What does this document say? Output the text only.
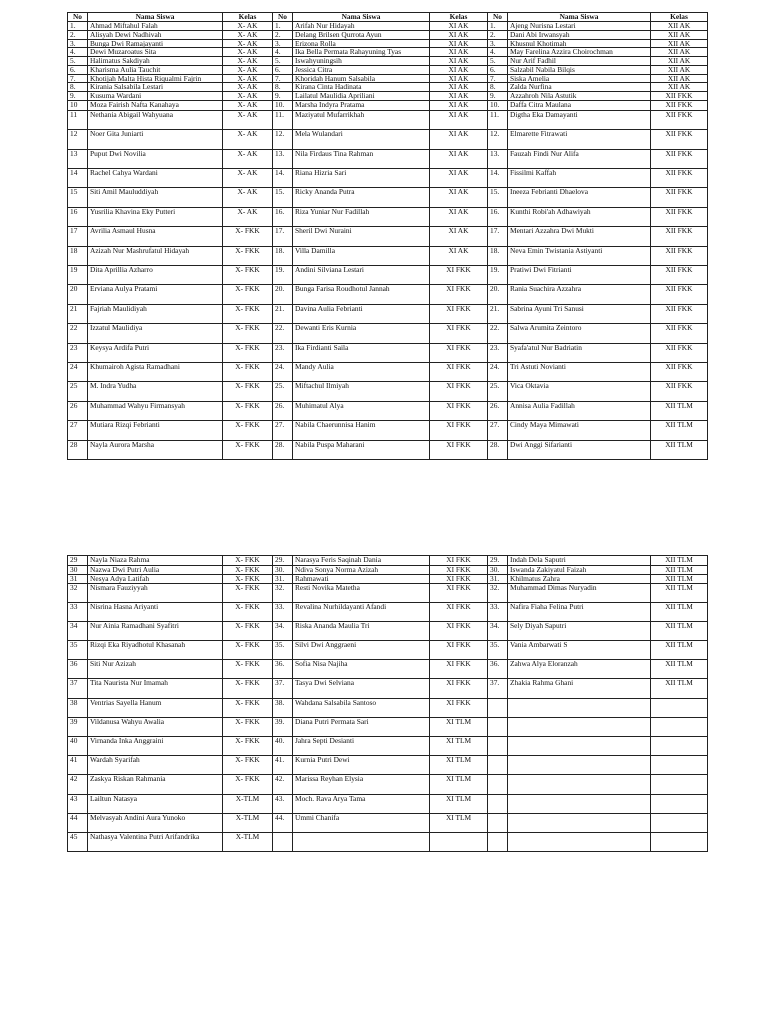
No	Nama Siswa	Kelas	No	Nama Siswa	Kelas	No	Nama Siswa	Kelas
1.	Ahmad Miftahul Falah	X- AK	1.	Arifah Nur Hidayah	XI AK	1.	Ajeng Nurisna Lestari	XII AK
2.	Alisyah Dewi Nadhivah	X- AK	2.	Delang Brilsen Qurrota Ayun	XI AK	2.	Dani Abi Irwansyah	XII AK
3.	Bunga Dwi Ramajayanti	X- AK	3.	Erizona Rolla	XI AK	3.	Khusnul Khotimah	XII AK
4.	Dewi Muzaroatus Sita	X- AK	4.	Ika Bella Permata Rahayuning Tyas	XI AK	4.	May Farelina Azzira Choirochman	XII AK
5.	Halimatus Sakdiyah	X- AK	5.	Iswahyuningsih	XI AK	5.	Nur Arif Fadhil	XII AK
6.	Kharisma Aulia Tauchit	X- AK	6.	Jessica Citra	XI AK	6.	Salzabil Nabila Bilqis	XII AK
7.	Khotijah Malta Hista Riqualmi Fajrin	X- AK	7.	Khoridah Hanum Salsabila	XI AK	7.	Siska Amelia	XII AK
8.	Kirania Salsabila Lestari	X- AK	8.	Kirana Cinta Hadinata	XI AK	8.	Zalda Nurfina	XII AK
9.	Kusuma Wardani	X- AK	9.	Lailatul Maulidia Apriliani	XI AK	9.	Azzahroh Nila Astutik	XII FKK
10	Moza Fairish Nafta Kanahaya	X- AK	10.	Marsha Indyra Pratama	XI AK	10.	Daffa Citra Maulana	XII FKK
11	Nethania Abigail Wahyuana	X- AK	11.	Maziyatul Mufarrikhah	XI AK	11.	Digtha Eka Damayanti	XII FKK
12	Noer Gita Juniarti	X- AK	12.	Mela Wulandari	XI AK	12.	Elmarette Fitrawati	XII FKK
13	Puput Dwi Novilia	X- AK	13.	Nila Firdaus Tina Rahman	XI AK	13.	Fauzah Findi Nur Alifa	XII FKK
14	Rachel Cahya Wardani	X- AK	14.	Riana Hizria Sari	XI AK	14.	Fissilmi Kaffah	XII FKK
15	Siti Amil Mauluddiyah	X- AK	15.	Ricky Ananda Putra	XI AK	15.	Ineeza Febrianti Dhaelova	XII FKK
16	Yusrilia Khavina Eky Putteri	X- AK	16.	Riza Yuniar Nur Fadillah	XI AK	16.	Kunthi Robi'ah Adhawiyah	XII FKK
17	Avrilia Asmaul Husna	X- FKK	17.	Sheril Dwi Nuraini	XI AK	17.	Mentari Azzahra Dwi Mukti	XII FKK
18	Azizah Nur Mashrufatul Hidayah	X- FKK	18.	Villa Damilla	XI AK	18.	Neva Emin Twistania Astiyanti	XII FKK
19	Dita Aprillia Azharro	X- FKK	19.	Andini Silviana Lestari	XI FKK	19.	Pratiwi Dwi Fitrianti	XII FKK
20	Erviana Aulya Pratami	X- FKK	20.	Bunga Farisa Roudhotul Jannah	XI FKK	20.	Rania Suachira Azzahra	XII FKK
21	Fajriah Maulidiyah	X- FKK	21.	Davina Aulia Febrianti	XI FKK	21.	Sabrina Ayuni Tri Sanusi	XII FKK
22	Izzatul Maulidiya	X- FKK	22.	Dewanti Eris Kurnia	XI FKK	22.	Salwa Arumita Zeintoro	XII FKK
23	Keysya Ardifa Putri	X- FKK	23.	Ika Firdianti Saila	XI FKK	23.	Syafa'atul Nur Badriatin	XII FKK
24	Khumairoh Agista Ramadhani	X- FKK	24.	Mandy Aulia	XI FKK	24.	Tri Astuti Novianti	XII FKK
25	M. Indra Yudha	X- FKK	25.	Miftachul Ilmiyah	XI FKK	25.	Vica Oktavia	XII FKK
26	Muhammad Wahyu Firmansyah	X- FKK	26.	Muhimatul Alya	XI FKK	26.	Annisa Aulia Fadillah	XII TLM
27	Mutiara Rizqi Febrianti	X- FKK	27.	Nabila Chaerunnisa Hanim	XI FKK	27.	Cindy Maya Mimawati	XII TLM
28	Nayla Aurora Marsha	X- FKK	28.	Nabila Puspa Maharani	XI FKK	28.	Dwi Anggi Sifarianti	XII TLM
29	Nayla Niaza Rahma	X- FKK	29.	Narasya Feris Saqinah Dania	XI FKK	29.	Indah Dela Saputri	XII TLM
30	Nazwa Dwi Putri Aulia	X- FKK	30.	Ndiva Sonya Norma Azizah	XI FKK	30.	Iswanda Zakiyatul Faizah	XII TLM
31	Nesya Adya Latifah	X- FKK	31.	Rahmawati	XI FKK	31.	Khilmatus Zahra	XII TLM
32	Nismara Fauziyyah	X- FKK	32.	Resti Novika Matetha	XI FKK	32.	Muhammad Dimas Nuryadin	XII TLM
33	Nisrina Hasna Ariyanti	X- FKK	33.	Revalina Nurhildayanti Afandi	XI FKK	33.	Nafira Fiaha Felina Putri	XII TLM
34	Nur Ainia Ramadhani Syafitri	X- FKK	34.	Riska Ananda Maulia Tri	XI FKK	34.	Sely Diyah Saputri	XII TLM
35	Rizqi Eka Riyadhotul Khasanah	X- FKK	35.	Silvi Dwi Anggraeni	XI FKK	35.	Vania Ambarwati S	XII TLM
36	Siti Nur Azizah	X- FKK	36.	Sofia Nisa Najiha	XI FKK	36.	Zahwa Alya Eloranzah	XII TLM
37	Tita Naurista Nur Imamah	X- FKK	37.	Tasya Dwi Selviana	XI FKK	37.	Zhakia Rahma Ghani	XII TLM
38	Ventrias Sayella Hanum	X- FKK	38.	Wahdana Salsabila Santoso	XI FKK			
39	Vildanusa Wahyu Awalia	X- FKK	39.	Diana Putri Permata Sari	XI TLM			
40	Virnanda Inka Anggraini	X- FKK	40.	Jahra Septi Desianti	XI TLM			
41	Wardah Syarifah	X- FKK	41.	Kurnia Putri Dewi	XI TLM			
42	Zaskya Riskan Rahmania	X- FKK	42.	Marissa Reyhan Elysia	XI TLM			
43	Lailtun Natasya	X-TLM	43.	Moch. Rava Arya Tama	XI TLM			
44	Melvasyah Andini Aura Yunoko	X-TLM	44.	Ummi Chanifa	XI TLM			
45	Nathasya Valentina Putri Arifandrika	X-TLM						
